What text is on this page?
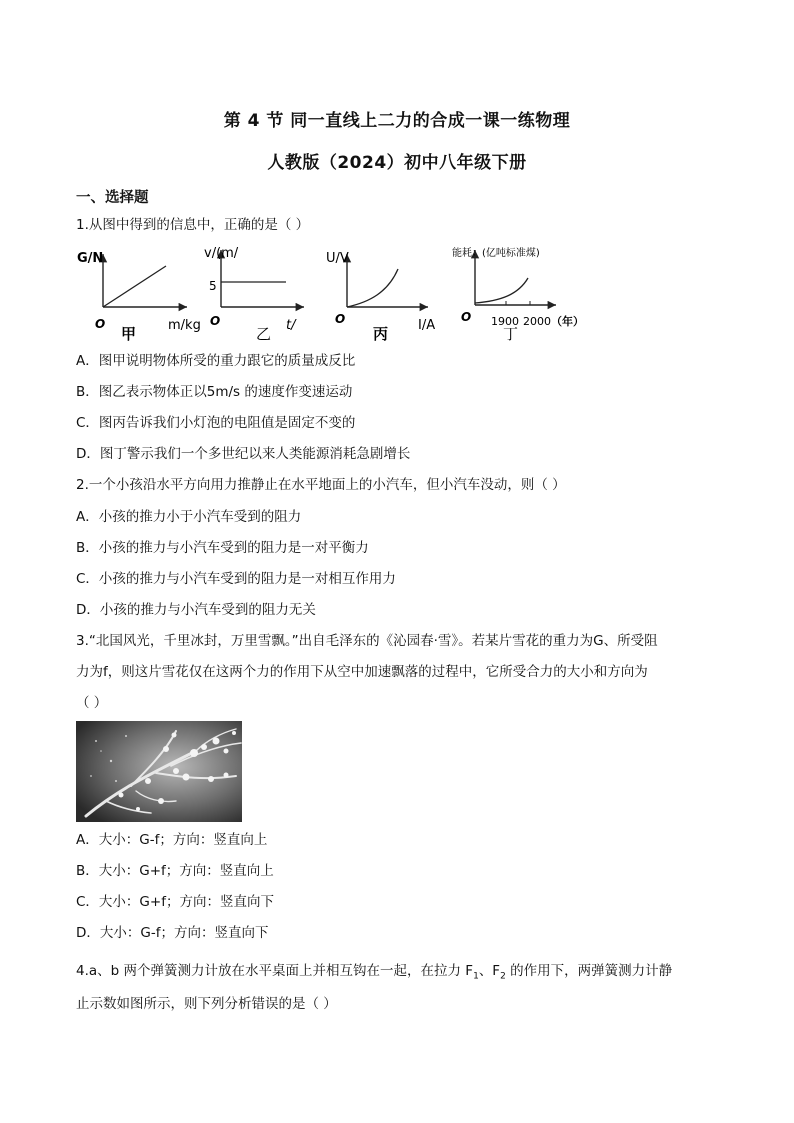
第 4 节 同一直线上二力的合成一课一练物理
人教版（2024）初中八年级下册
一、选择题
1.从图中得到的信息中，正确的是（ ）
G/N
O
甲 m/kg
v/(m/
5
O
乙 t/
U/V
O
丙 I/A
能耗：(亿吨标准煤)
O 1900 2000 （年）
丁
A．图甲说明物体所受的重力跟它的质量成反比
B．图乙表示物体正以5m/s 的速度作变速运动
C．图丙告诉我们小灯泡的电阻值是固定不变的
D．图丁警示我们一个多世纪以来人类能源消耗急剧增长
2.一个小孩沿水平方向用力推静止在水平地面上的小汽车，但小汽车没动，则（ ）
A．小孩的推力小于小汽车受到的阻力
B．小孩的推力与小汽车受到的阻力是一对平衡力
C．小孩的推力与小汽车受到的阻力是一对相互作用力
D．小孩的推力与小汽车受到的阻力无关
3.“北国风光，千里冰封，万里雪飘。”出自毛泽东的《沁园春·雪》。若某片雪花的重力为G、所受阻
力为f，则这片雪花仅在这两个力的作用下从空中加速飘落的过程中，它所受合力的大小和方向为
（ ）
A．大小：G-f；方向：竖直向上
B．大小：G+f；方向：竖直向上
C．大小：G+f；方向：竖直向下
D．大小：G-f；方向：竖直向下
4.a、b 两个弹簧测力计放在水平桌面上并相互钩在一起，在拉力 $F_1$、$F_2$ 的作用下，两弹簧测力计静
止示数如图所示，则下列分析错误的是（ ）
